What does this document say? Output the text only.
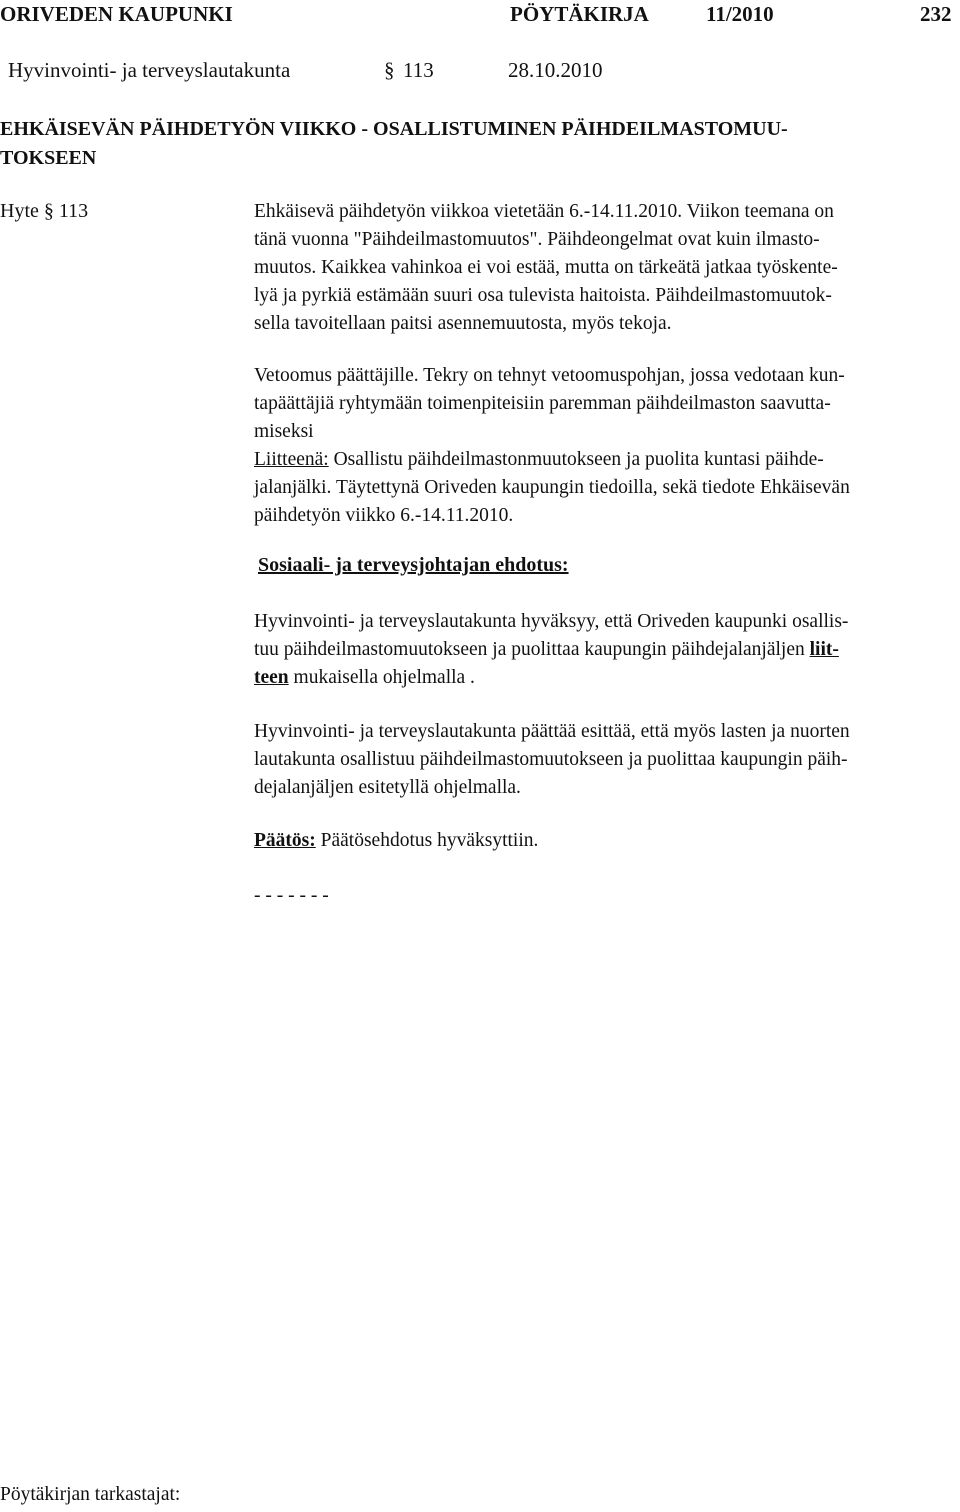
ORIVEDEN KAUPUNKI	PÖYTÄKIRJA	11/2010	232
Hyvinvointi- ja terveyslautakunta	§ 113	28.10.2010
EHKÄISEVÄN PÄIHDETYÖN VIIKKO - OSALLISTUMINEN PÄIHDEILMASTOMUU-
TOKSEEN
Hyte § 113	Ehkäisevä päihdetyön viikkoa vietetään 6.-14.11.2010. Viikon teemana on
tänä vuonna "Päihdeilmastomuutos". Päihdeongelmat ovat kuin ilmasto-
muutos. Kaikkea vahinkoa ei voi estää, mutta on tärkeätä jatkaa työskente-
lyä ja pyrkiä estämään suuri osa tulevista haitoista. Päihdeilmastomuutok-
sella tavoitellaan paitsi asennemuutosta, myös tekoja.
Vetoomus päättäjille. Tekry on tehnyt vetoomuspohjan, jossa vedotaan kun-
tapäättäjiä ryhtymään toimenpiteisiin paremman päihdeilmaston saavutta-
miseksi
Liitteenä: Osallistu päihdeilmastonmuutokseen ja puolita kuntasi päihde-
jalanjälki. Täytettynä Oriveden kaupungin tiedoilla, sekä tiedote Ehkäisevän
päihdetyön viikko 6.-14.11.2010.
Sosiaali- ja terveysjohtajan ehdotus:
Hyvinvointi- ja terveyslautakunta hyväksyy, että Oriveden kaupunki osallis-
tuu päihdeilmastomuutokseen ja puolittaa kaupungin päihdejalanjäljen liit-
teen mukaisella ohjelmalla .
Hyvinvointi- ja terveyslautakunta päättää esittää, että myös lasten ja nuorten
lautakunta osallistuu päihdeilmastomuutokseen ja puolittaa kaupungin päih-
dejalanjäljen esitetyllä ohjelmalla.
Päätös: Päätösehdotus hyväksyttiin.
- - - - - - -
Pöytäkirjan tarkastajat:
